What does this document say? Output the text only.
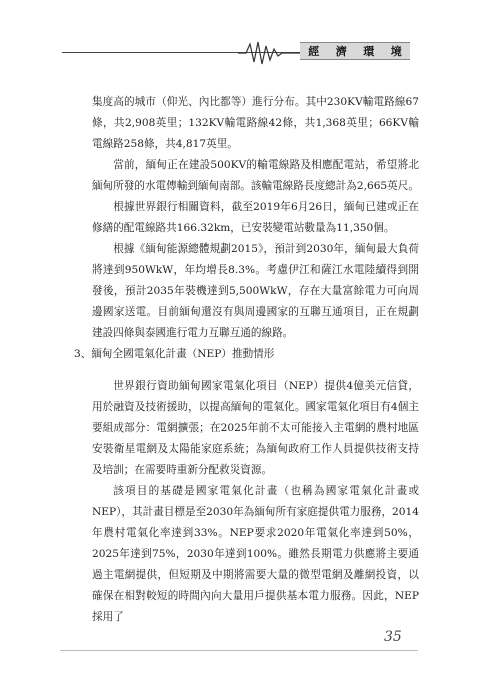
經 濟 環 境

集度高的城市（仰光、內比都等）進行分布。其中230KV輸電路線67條，共2,908英里；132KV輸電路線42條，共1,368英里；66KV輸電線路258條，共4,817英里。

當前，緬甸正在建設500KV的輸電線路及相應配電站，希望將北緬甸所發的水電傳輸到緬甸南部。該輸電線路長度總計為2,665英尺。

根據世界銀行相關資料，截至2019年6月26日，緬甸已建或正在修繕的配電線路共166.32km，已安裝變電站數量為11,350個。

根據《緬甸能源總體規劃2015》，預計到2030年，緬甸最大負荷將達到950WkW，年均增長8.3%。考慮伊江和薩江水電陸續得到開發後，預計2035年裝機達到5,500WkW，存在大量富餘電力可向周邊國家送電。目前緬甸還沒有與周邊國家的互聯互通項目，正在規劃建設四條與泰國進行電力互聯互通的線路。

3、緬甸全國電氣化計畫（NEP）推動情形

世界銀行資助緬甸國家電氣化項目（NEP）提供4億美元信貸，用於融資及技術援助，以提高緬甸的電氣化。國家電氣化項目有4個主要組成部分：電網擴張；在2025年前不太可能接入主電網的農村地區安裝衛星電網及太陽能家庭系統；為緬甸政府工作人員提供技術支持及培訓；在需要時重新分配救災資源。

該項目的基礎是國家電氣化計畫（也稱為國家電氣化計畫或NEP），其計畫目標是至2030年為緬甸所有家庭提供電力服務，2014年農村電氣化率達到33%。NEP要求2020年電氣化率達到50%，2025年達到75%，2030年達到100%。雖然長期電力供應將主要通過主電網提供，但短期及中期將需要大量的微型電網及離網投資，以確保在相對較短的時間內向大量用戶提供基本電力服務。因此，NEP採用了

35
